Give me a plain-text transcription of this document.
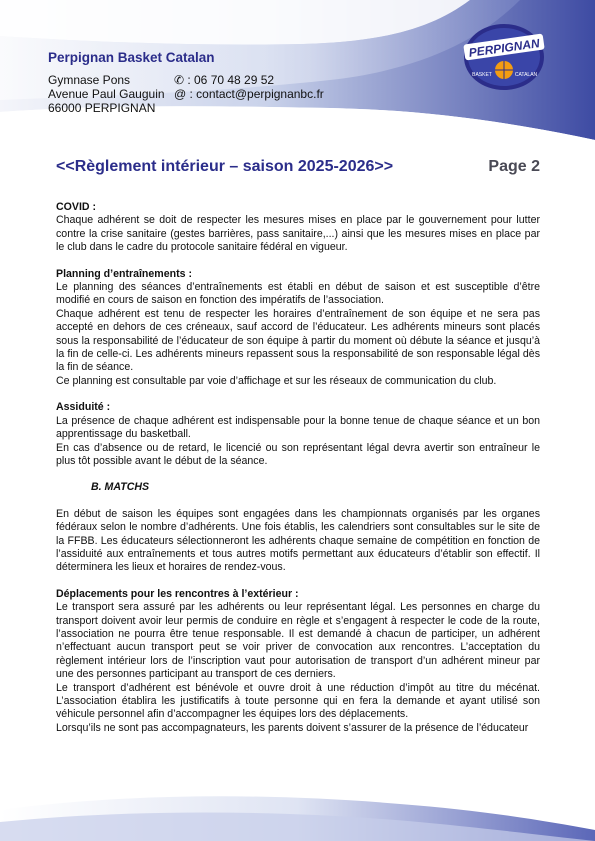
PERPIGNAN
BASKET	CATALAN
Perpignan Basket Catalan
Gymnase Pons
Avenue Paul Gauguin
66000 PERPIGNAN
✆ : 06 70 48 29 52
@ : contact@perpignanbc.fr
<<Règlement intérieur – saison 2025-2026>>	Page 2
COVID :

Chaque adhérent se doit de respecter les mesures mises en place par le gouvernement pour lutter contre la crise sanitaire (gestes barrières, pass sanitaire,...) ainsi que les mesures mises en place par le club dans le cadre du protocole sanitaire fédéral en vigueur.

Planning d’entraînements :

Le planning des séances d’entraînements est établi en début de saison et est susceptible d’être modifié en cours de saison en fonction des impératifs de l’association.

Chaque adhérent est tenu de respecter les horaires d’entraînement de son équipe et ne sera pas accepté en dehors de ces créneaux, sauf accord de l’éducateur. Les adhérents mineurs sont placés sous la responsabilité de l’éducateur de son équipe à partir du moment où débute la séance et jusqu’à la fin de celle-ci. Les adhérents mineurs repassent sous la responsabilité de son responsable légal dès la fin de séance.

Ce planning est consultable par voie d’affichage et sur les réseaux de communication du club.

Assiduité :

La présence de chaque adhérent est indispensable pour la bonne tenue de chaque séance et un bon apprentissage du basketball.

En cas d’absence ou de retard, le licencié ou son représentant légal devra avertir son entraîneur le plus tôt possible avant le début de la séance.

B. MATCHS

En début de saison les équipes sont engagées dans les championnats organisés par les organes fédéraux selon le nombre d’adhérents. Une fois établis, les calendriers sont consultables sur le site de la FFBB. Les éducateurs sélectionneront les adhérents chaque semaine de compétition en fonction de l’assiduité aux entraînements et tous autres motifs permettant aux éducateurs d’établir son effectif. Il déterminera les lieux et horaires de rendez-vous.

Déplacements pour les rencontres à l’extérieur :

Le transport sera assuré par les adhérents ou leur représentant légal. Les personnes en charge du transport doivent avoir leur permis de conduire en règle et s’engagent à respecter le code de la route, l’association ne pourra être tenue responsable. Il est demandé à chacun de participer, un adhérent n’effectuant aucun transport peut se voir priver de convocation aux rencontres. L’acceptation du règlement intérieur lors de l’inscription vaut pour autorisation de transport d’un adhérent mineur par une des personnes participant au transport de ces derniers.

Le transport d’adhérent est bénévole et ouvre droit à une réduction d’impôt au titre du mécénat. L’association établira les justificatifs à toute personne qui en fera la demande et ayant utilisé son véhicule personnel afin d’accompagner les équipes lors des déplacements.

Lorsqu’ils ne sont pas accompagnateurs, les parents doivent s’assurer de la présence de l’éducateur
